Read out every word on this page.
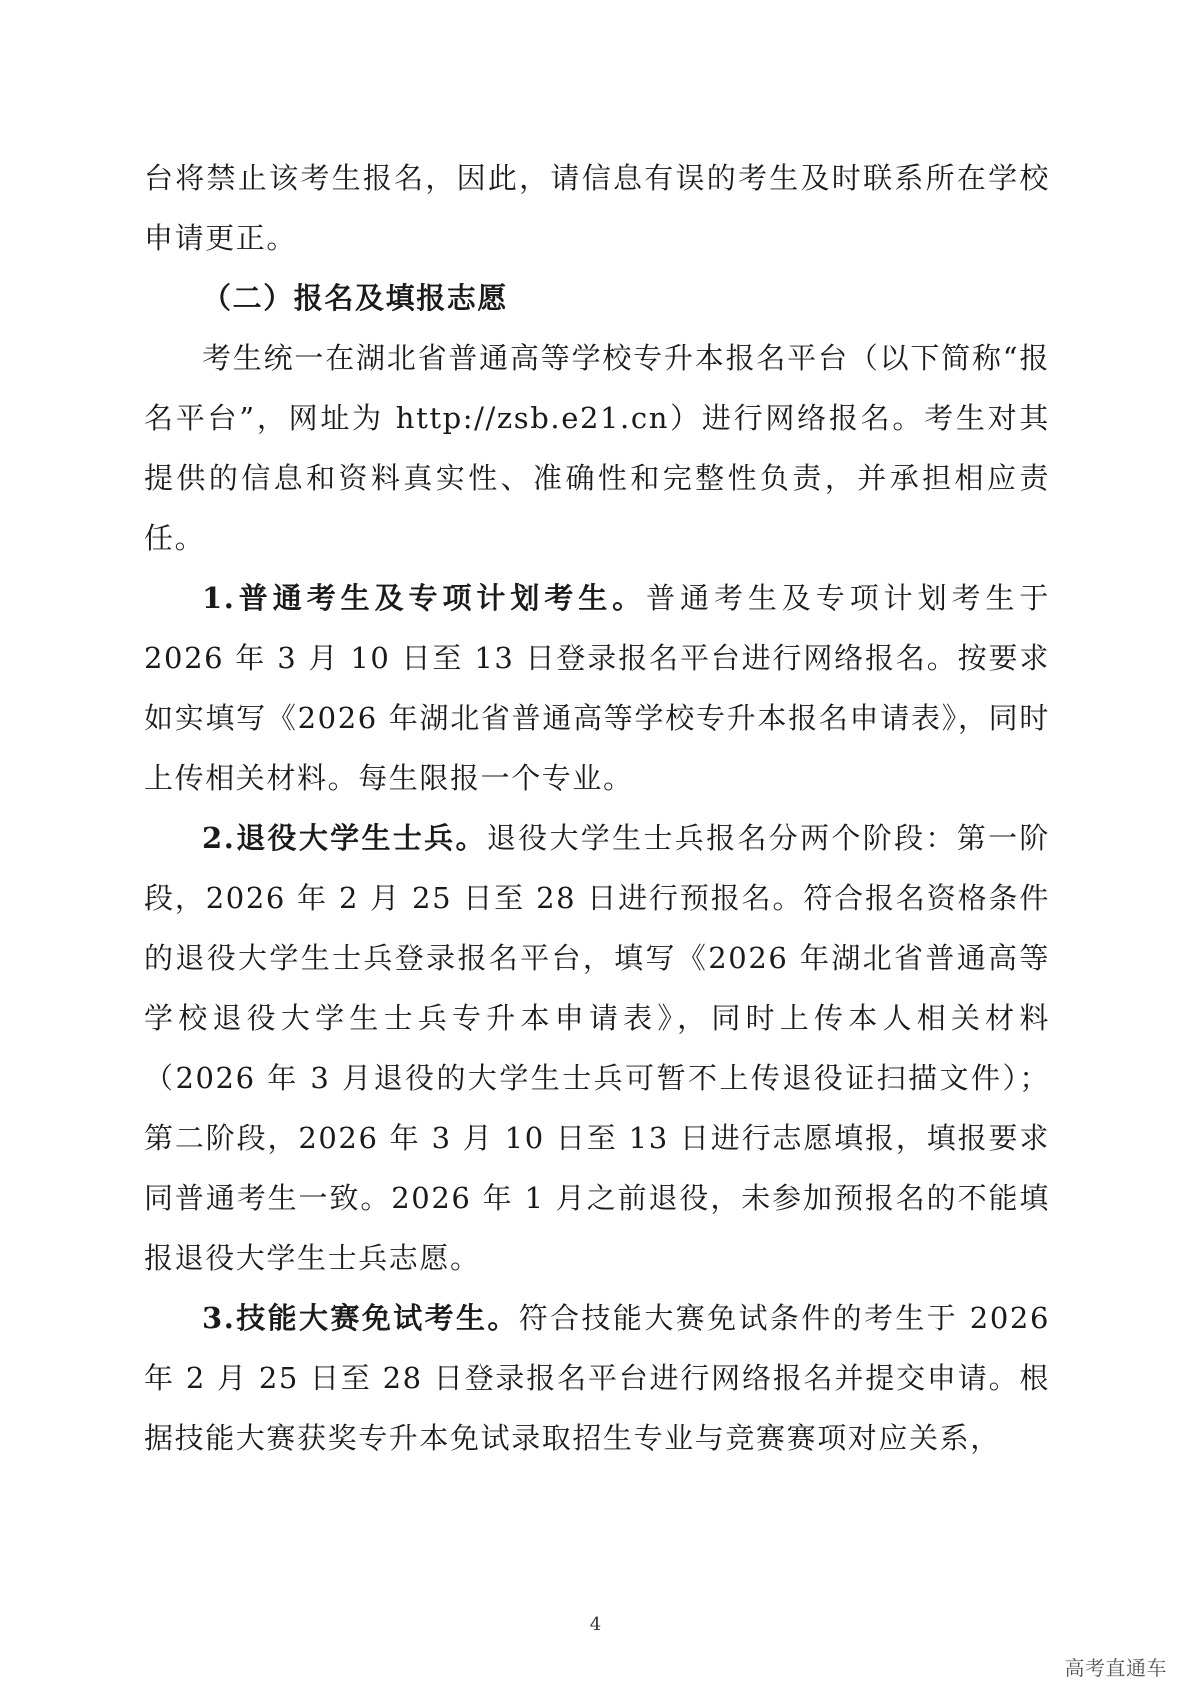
台将禁止该考生报名，因此，请信息有误的考生及时联系所在学校申请更正。

（二）报名及填报志愿

考生统一在湖北省普通高等学校专升本报名平台（以下简称“报名平台”，网址为 http://zsb.e21.cn）进行网络报名。考生对其提供的信息和资料真实性、准确性和完整性负责，并承担相应责任。

1.普通考生及专项计划考生。普通考生及专项计划考生于 2026 年 3 月 10 日至 13 日登录报名平台进行网络报名。按要求如实填写《2026 年湖北省普通高等学校专升本报名申请表》，同时上传相关材料。每生限报一个专业。

2.退役大学生士兵。退役大学生士兵报名分两个阶段：第一阶段，2026 年 2 月 25 日至 28 日进行预报名。符合报名资格条件的退役大学生士兵登录报名平台，填写《2026 年湖北省普通高等学校退役大学生士兵专升本申请表》，同时上传本人相关材料（2026 年 3 月退役的大学生士兵可暂不上传退役证扫描文件）；第二阶段，2026 年 3 月 10 日至 13 日进行志愿填报，填报要求同普通考生一致。2026 年 1 月之前退役，未参加预报名的不能填报退役大学生士兵志愿。

3.技能大赛免试考生。符合技能大赛免试条件的考生于 2026 年 2 月 25 日至 28 日登录报名平台进行网络报名并提交申请。根据技能大赛获奖专升本免试录取招生专业与竞赛赛项对应关系，

4
高考直通车
